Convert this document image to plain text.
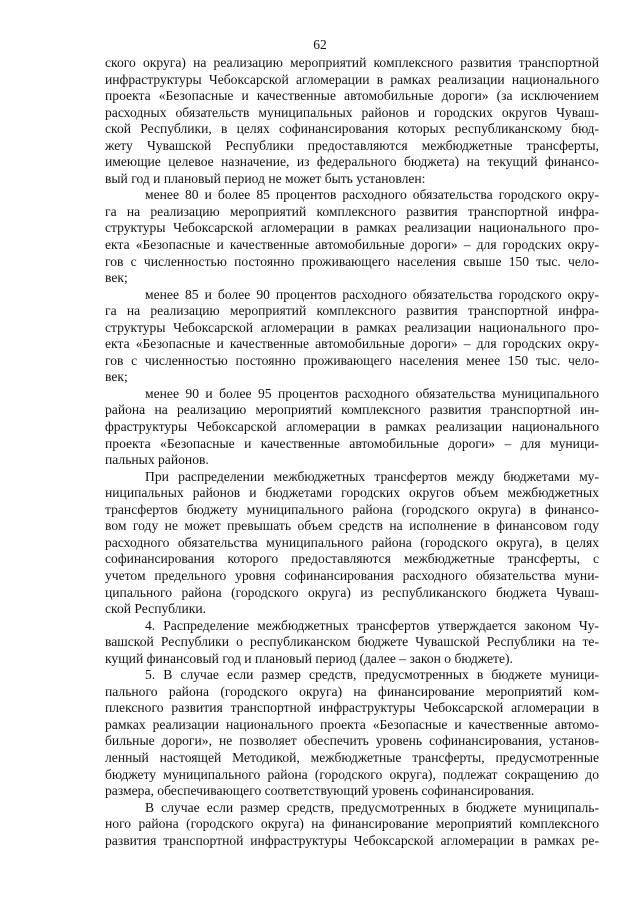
62
ского округа) на реализацию мероприятий комплексного развития транспортной
инфраструктуры Чебоксарской агломерации в рамках реализации национального
проекта «Безопасные и качественные автомобильные дороги» (за исключением
расходных обязательств муниципальных районов и городских округов Чуваш-
ской Республики, в целях софинансирования которых республиканскому бюд-
жету Чувашской Республики предоставляются межбюджетные трансферты,
имеющие целевое назначение, из федерального бюджета) на текущий финансо-
вый год и плановый период не может быть установлен:
менее 80 и более 85 процентов расходного обязательства городского окру-
га на реализацию мероприятий комплексного развития транспортной инфра-
структуры Чебоксарской агломерации в рамках реализации национального про-
екта «Безопасные и качественные автомобильные дороги» – для городских окру-
гов с численностью постоянно проживающего населения свыше 150 тыс. чело-
век;
менее 85 и более 90 процентов расходного обязательства городского окру-
га на реализацию мероприятий комплексного развития транспортной инфра-
структуры Чебоксарской агломерации в рамках реализации национального про-
екта «Безопасные и качественные автомобильные дороги» – для городских окру-
гов с численностью постоянно проживающего населения менее 150 тыс. чело-
век;
менее 90 и более 95 процентов расходного обязательства муниципального
района на реализацию мероприятий комплексного развития транспортной ин-
фраструктуры Чебоксарской агломерации в рамках реализации национального
проекта «Безопасные и качественные автомобильные дороги» – для муници-
пальных районов.
При распределении межбюджетных трансфертов между бюджетами му-
ниципальных районов и бюджетами городских округов объем межбюджетных
трансфертов бюджету муниципального района (городского округа) в финансо-
вом году не может превышать объем средств на исполнение в финансовом году
расходного обязательства муниципального района (городского округа), в целях
софинансирования которого предоставляются межбюджетные трансферты, с
учетом предельного уровня софинансирования расходного обязательства муни-
ципального района (городского округа) из республиканского бюджета Чуваш-
ской Республики.
4. Распределение межбюджетных трансфертов утверждается законом Чу-
вашской Республики о республиканском бюджете Чувашской Республики на те-
кущий финансовый год и плановый период (далее – закон о бюджете).
5. В случае если размер средств, предусмотренных в бюджете муници-
пального района (городского округа) на финансирование мероприятий ком-
плексного развития транспортной инфраструктуры Чебоксарской агломерации в
рамках реализации национального проекта «Безопасные и качественные автомо-
бильные дороги», не позволяет обеспечить уровень софинансирования, установ-
ленный настоящей Методикой, межбюджетные трансферты, предусмотренные
бюджету муниципального района (городского округа), подлежат сокращению до
размера, обеспечивающего соответствующий уровень софинансирования.
В случае если размер средств, предусмотренных в бюджете муниципаль-
ного района (городского округа) на финансирование мероприятий комплексного
развития транспортной инфраструктуры Чебоксарской агломерации в рамках ре-
